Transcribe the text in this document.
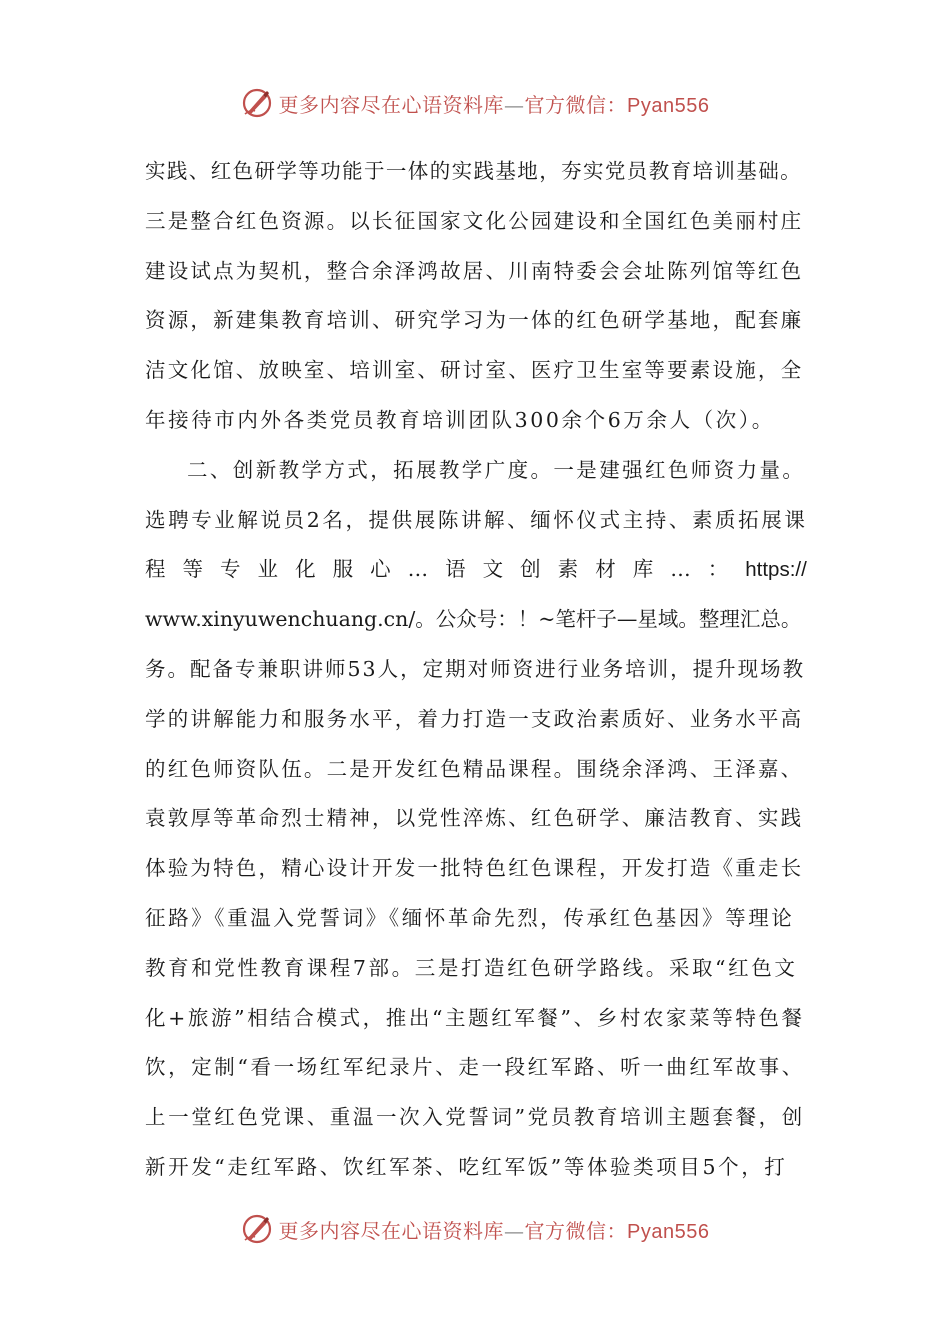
更多内容尽在心语资料库—官方微信：Pyan556
实践、红色研学等功能于一体的实践基地，夯实党员教育培训基础。
三是整合红色资源。以长征国家文化公园建设和全国红色美丽村庄
建设试点为契机，整合余泽鸿故居、川南特委会会址陈列馆等红色
资源，新建集教育培训、研究学习为一体的红色研学基地，配套廉
洁文化馆、放映室、培训室、研讨室、医疗卫生室等要素设施，全
年接待市内外各类党员教育培训团队300余个6万余人（次）。
二、创新教学方式，拓展教学广度。一是建强红色师资力量。
选聘专业解说员2名，提供展陈讲解、缅怀仪式主持、素质拓展课
程 等 专 业 化 服 心 … 语 文 创 素 材 库 … ： https://
www.xinyuwenchuang.cn/。公众号：！~笔杆子—星域。整理汇总。
务。配备专兼职讲师53人，定期对师资进行业务培训，提升现场教
学的讲解能力和服务水平，着力打造一支政治素质好、业务水平高
的红色师资队伍。二是开发红色精品课程。围绕余泽鸿、王泽嘉、
袁敦厚等革命烈士精神，以党性淬炼、红色研学、廉洁教育、实践
体验为特色，精心设计开发一批特色红色课程，开发打造《重走长
征路》《重温入党誓词》《缅怀革命先烈，传承红色基因》等理论
教育和党性教育课程7部。三是打造红色研学路线。采取“红色文
化+旅游”相结合模式，推出“主题红军餐”、乡村农家菜等特色餐
饮，定制“看一场红军纪录片、走一段红军路、听一曲红军故事、
上一堂红色党课、重温一次入党誓词”党员教育培训主题套餐，创
新开发“走红军路、饮红军茶、吃红军饭”等体验类项目5个，打
更多内容尽在心语资料库—官方微信：Pyan556
